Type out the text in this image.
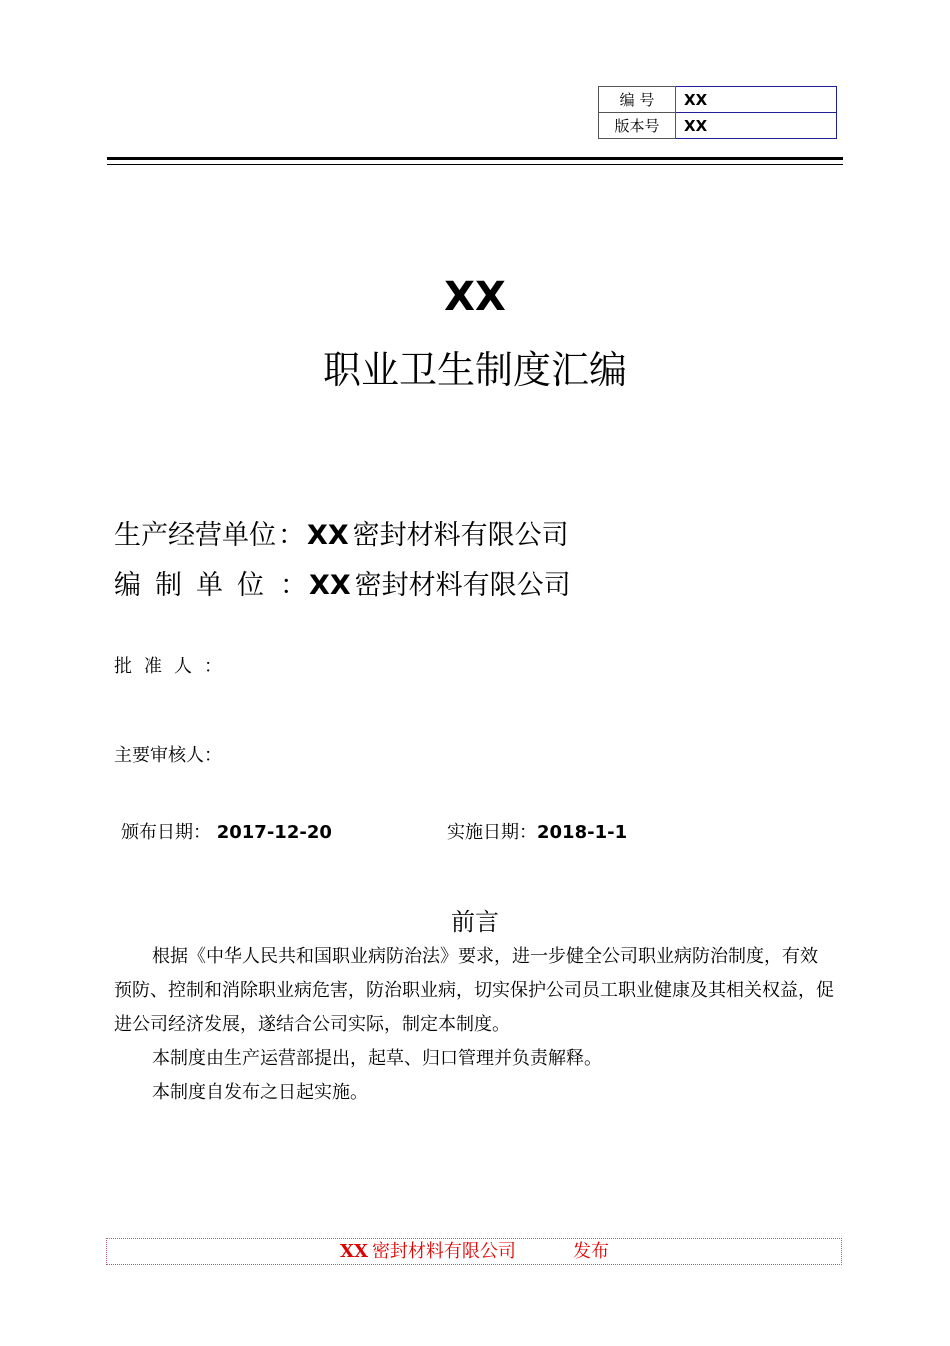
编 号	XX
版本号	XX
XX
职业卫生制度汇编
生产经营单位：XX 密封材料有限公司
编制单位：XX 密封材料有限公司
批准人：
主要审核人：
颁布日期： 2017-12-20	实施日期：2018-1-1
前言

根据《中华人民共和国职业病防治法》要求，进一步健全公司职业病防治制度，有效预防、控制和消除职业病危害，防治职业病，切实保护公司员工职业健康及其相关权益，促进公司经济发展，遂结合公司实际，制定本制度。

本制度由生产运营部提出，起草、归口管理并负责解释。

本制度自发布之日起实施。

XX 密封材料有限公司	发布
